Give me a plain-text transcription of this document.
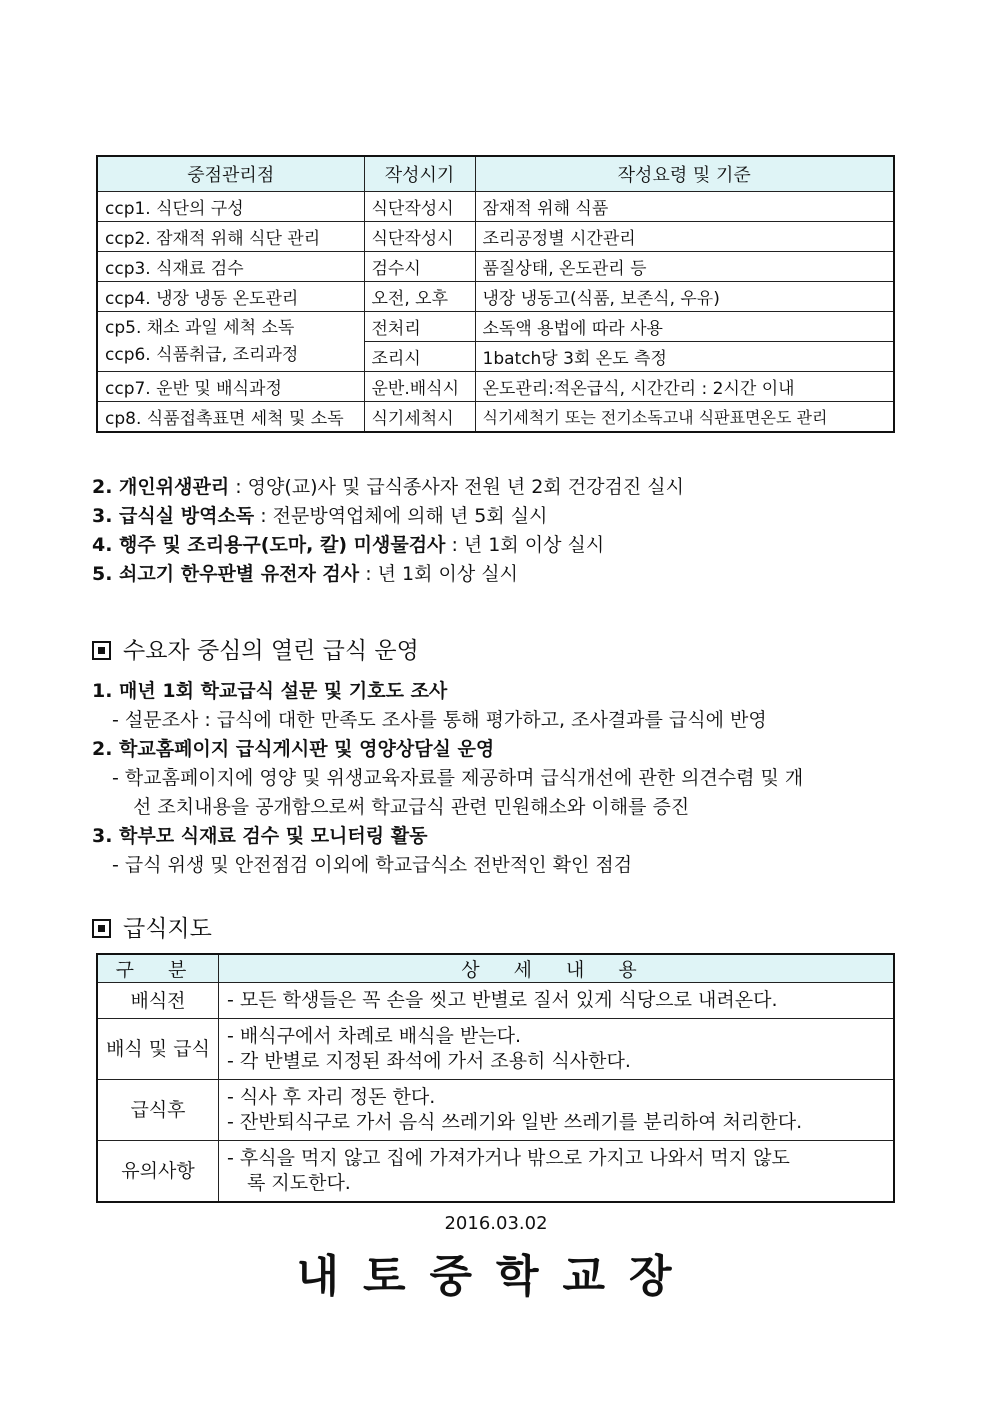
중점관리점	작성시기	작성요령 및 기준
ccp1. 식단의 구성	식단작성시	잠재적 위해 식품
ccp2. 잠재적 위해 식단 관리	식단작성시	조리공정별 시간관리
ccp3. 식재료 검수	검수시	품질상태, 온도관리 등
ccp4. 냉장 냉동 온도관리	오전, 오후	냉장 냉동고(식품, 보존식, 우유)

cp5. 채소 과일 세척 소독
ccp6. 식품취급, 조리과정	전처리	소독액 용법에 따라 사용
	조리시	1batch당 3회 온도 측정
ccp7. 운반 및 배식과정	운반.배식시	온도관리:적온급식, 시간간리 : 2시간 이내
cp8. 식품접촉표면 세척 및 소독	식기세척시	식기세척기 또는 전기소독고내 식판표면온도 관리
2. 개인위생관리 : 영양(교)사 및 급식종사자 전원 년 2회 건강검진 실시
3. 급식실 방역소독 : 전문방역업체에 의해 년 5회 실시
4. 행주 및 조리용구(도마, 칼) 미생물검사 : 년 1회 이상 실시
5. 쇠고기 한우판별 유전자 검사 : 년 1회 이상 실시
수요자 중심의 열린 급식 운영
1. 매년 1회 학교급식 설문 및 기호도 조사
- 설문조사 : 급식에 대한 만족도 조사를 통해 평가하고, 조사결과를 급식에 반영
2. 학교홈페이지 급식게시판 및 영양상담실 운영
- 학교홈페이지에 영양 및 위생교육자료를 제공하며 급식개선에 관한 의견수렴 및 개
선 조치내용을 공개함으로써 학교급식 관련 민원해소와 이해를 증진
3. 학부모 식재료 검수 및 모니터링 활동
- 급식 위생 및 안전점검 이외에 학교급식소 전반적인 확인 점검
급식지도
구 분	상 세 내 용
배식전	- 모든 학생들은 꼭 손을 씻고 반별로 질서 있게 식당으로 내려온다.

배식 및 급식	- 배식구에서 차례로 배식을 받는다.
- 각 반별로 지정된 좌석에 가서 조용히 식사한다.

급식후	- 식사 후 자리 정돈 한다.
- 잔반퇴식구로 가서 음식 쓰레기와 일반 쓰레기를 분리하여 처리한다.

유의사항	- 후식을 먹지 않고 집에 가져가거나 밖으로 가지고 나와서 먹지 않도
록 지도한다.
2016.03.02
내토중학교장
